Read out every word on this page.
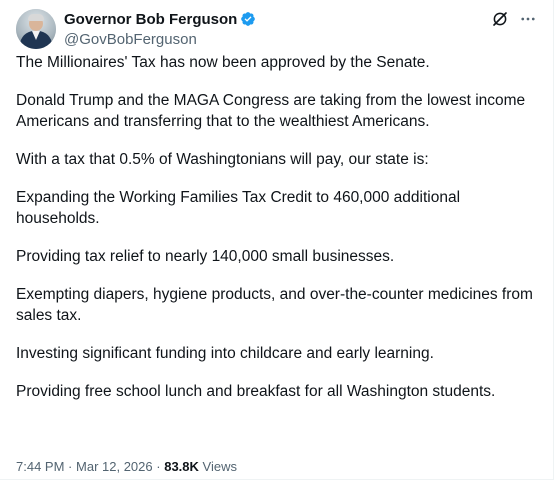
Governor Bob Ferguson
@GovBobFerguson

The Millionaires' Tax has now been approved by the Senate.

Donald Trump and the MAGA Congress are taking from the lowest income Americans and transferring that to the wealthiest Americans.

With a tax that 0.5% of Washingtonians will pay, our state is:

Expanding the Working Families Tax Credit to 460,000 additional households.

Providing tax relief to nearly 140,000 small businesses.

Exempting diapers, hygiene products, and over-the-counter medicines from sales tax.

Investing significant funding into childcare and early learning.

Providing free school lunch and breakfast for all Washington students.

7:44 PM · Mar 12, 2026 · 83.8K Views
